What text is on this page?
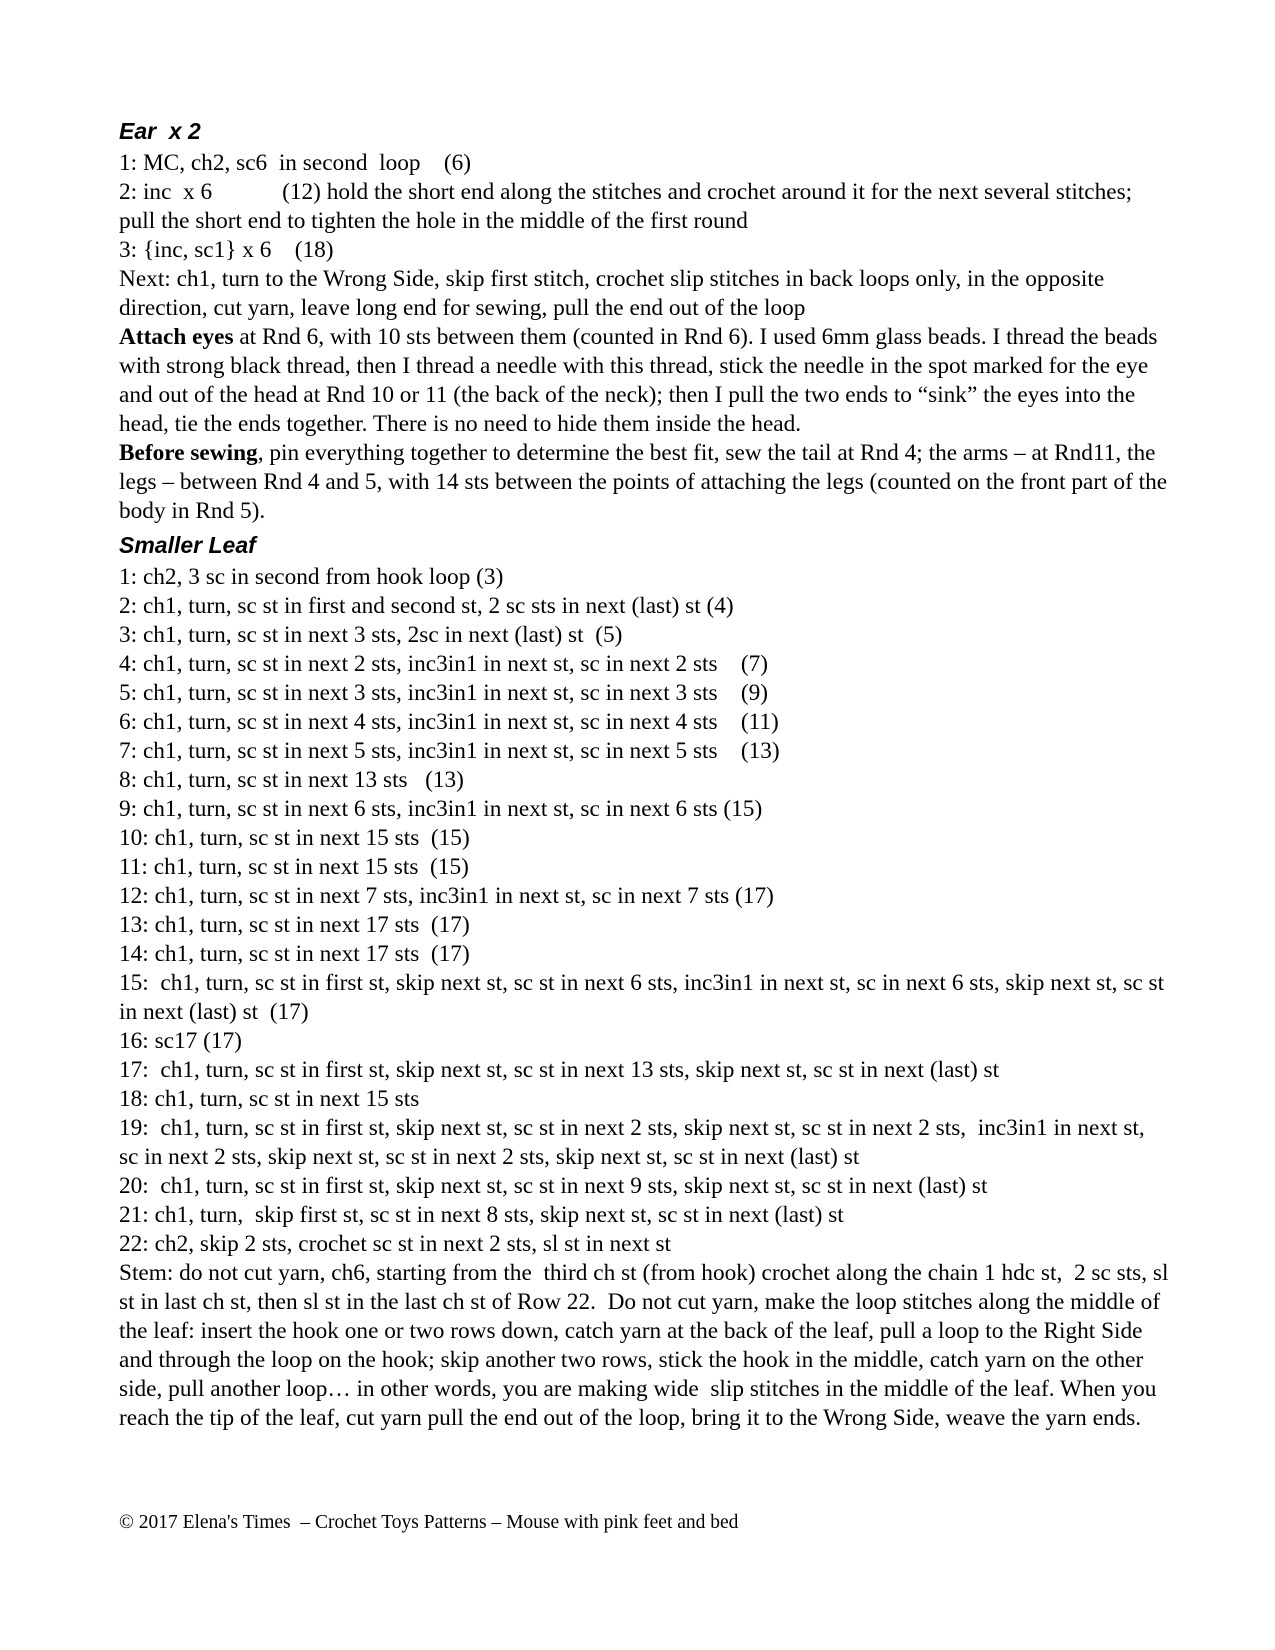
Ear  x 2

1: MC, ch2, sc6  in second  loop    (6)

2: inc  x 6            (12) hold the short end along the stitches and crochet around it for the next several stitches; pull the short end to tighten the hole in the middle of the first round

3: {inc, sc1} x 6    (18)

Next: ch1, turn to the Wrong Side, skip first stitch, crochet slip stitches in back loops only, in the opposite direction, cut yarn, leave long end for sewing, pull the end out of the loop

Attach eyes at Rnd 6, with 10 sts between them (counted in Rnd 6). I used 6mm glass beads. I thread the beads with strong black thread, then I thread a needle with this thread, stick the needle in the spot marked for the eye and out of the head at Rnd 10 or 11 (the back of the neck); then I pull the two ends to “sink” the eyes into the head, tie the ends together. There is no need to hide them inside the head.

Before sewing, pin everything together to determine the best fit, sew the tail at Rnd 4; the arms – at Rnd11, the legs – between Rnd 4 and 5, with 14 sts between the points of attaching the legs (counted on the front part of the body in Rnd 5).

Smaller Leaf

1: ch2, 3 sc in second from hook loop (3)

2: ch1, turn, sc st in first and second st, 2 sc sts in next (last) st (4)

3: ch1, turn, sc st in next 3 sts, 2sc in next (last) st  (5)

4: ch1, turn, sc st in next 2 sts, inc3in1 in next st, sc in next 2 sts    (7)

5: ch1, turn, sc st in next 3 sts, inc3in1 in next st, sc in next 3 sts    (9)

6: ch1, turn, sc st in next 4 sts, inc3in1 in next st, sc in next 4 sts    (11)

7: ch1, turn, sc st in next 5 sts, inc3in1 in next st, sc in next 5 sts    (13)

8: ch1, turn, sc st in next 13 sts   (13)

9: ch1, turn, sc st in next 6 sts, inc3in1 in next st, sc in next 6 sts (15)

10: ch1, turn, sc st in next 15 sts  (15)

11: ch1, turn, sc st in next 15 sts  (15)

12: ch1, turn, sc st in next 7 sts, inc3in1 in next st, sc in next 7 sts (17)

13: ch1, turn, sc st in next 17 sts  (17)

14: ch1, turn, sc st in next 17 sts  (17)

15:  ch1, turn, sc st in first st, skip next st, sc st in next 6 sts, inc3in1 in next st, sc in next 6 sts, skip next st, sc st in next (last) st  (17)

16: sc17 (17)

17:  ch1, turn, sc st in first st, skip next st, sc st in next 13 sts, skip next st, sc st in next (last) st

18: ch1, turn, sc st in next 15 sts

19:  ch1, turn, sc st in first st, skip next st, sc st in next 2 sts, skip next st, sc st in next 2 sts,  inc3in1 in next st, sc in next 2 sts, skip next st, sc st in next 2 sts, skip next st, sc st in next (last) st

20:  ch1, turn, sc st in first st, skip next st, sc st in next 9 sts, skip next st, sc st in next (last) st

21: ch1, turn,  skip first st, sc st in next 8 sts, skip next st, sc st in next (last) st

22: ch2, skip 2 sts, crochet sc st in next 2 sts, sl st in next st

Stem: do not cut yarn, ch6, starting from the  third ch st (from hook) crochet along the chain 1 hdc st,  2 sc sts, sl st in last ch st, then sl st in the last ch st of Row 22.  Do not cut yarn, make the loop stitches along the middle of the leaf: insert the hook one or two rows down, catch yarn at the back of the leaf, pull a loop to the Right Side and through the loop on the hook; skip another two rows, stick the hook in the middle, catch yarn on the other side, pull another loop… in other words, you are making wide  slip stitches in the middle of the leaf. When you reach the tip of the leaf, cut yarn pull the end out of the loop, bring it to the Wrong Side, weave the yarn ends.

© 2017 Elena's Times  – Crochet Toys Patterns – Mouse with pink feet and bed
